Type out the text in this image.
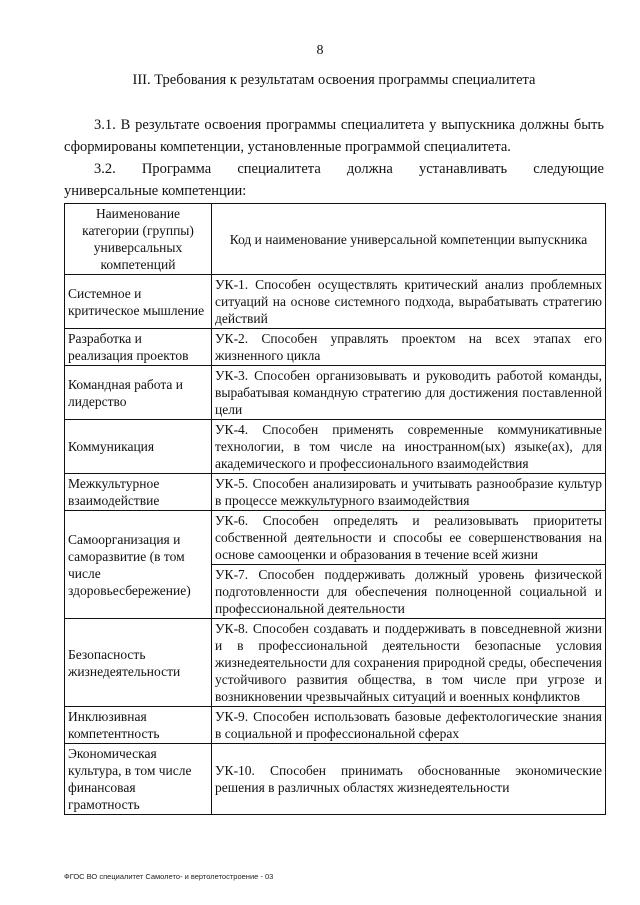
8
III. Требования к результатам освоения программы специалитета
3.1. В результате освоения программы специалитета у выпускника должны быть сформированы компетенции, установленные программой специалитета.
3.2. Программа специалитета должна устанавливать следующие
универсальные компетенции:
Наименование категории (группы) универсальных компетенций	Код и наименование универсальной компетенции выпускника
Системное и критическое мышление	УК-1. Способен осуществлять критический анализ проблемных ситуаций на основе системного подхода, вырабатывать стратегию действий
Разработка и реализация проектов	УК-2. Способен управлять проектом на всех этапах его жизненного цикла
Командная работа и лидерство	УК-3. Способен организовывать и руководить работой команды, вырабатывая командную стратегию для достижения поставленной цели
Коммуникация	УК-4. Способен применять современные коммуникативные технологии, в том числе на иностранном(ых) языке(ах), для академического и профессионального взаимодействия
Межкультурное взаимодействие	УК-5. Способен анализировать и учитывать разнообразие культур в процессе межкультурного взаимодействия
Самоорганизация и саморазвитие (в том числе здоровьесбережение)	УК-6. Способен определять и реализовывать приоритеты собственной деятельности и способы ее совершенствования на основе самооценки и образования в течение всей жизни
	УК-7. Способен поддерживать должный уровень физической подготовленности для обеспечения полноценной социальной и профессиональной деятельности
Безопасность жизнедеятельности	УК-8. Способен создавать и поддерживать в повседневной жизни и в профессиональной деятельности безопасные условия жизнедеятельности для сохранения природной среды, обеспечения устойчивого развития общества, в том числе при угрозе и возникновении чрезвычайных ситуаций и военных конфликтов
Инклюзивная компетентность	УК-9. Способен использовать базовые дефектологические знания в социальной и профессиональной сферах
Экономическая культура, в том числе финансовая грамотность	УК-10. Способен принимать обоснованные экономические решения в различных областях жизнедеятельности
ФГОС ВО специалитет Самолето- и вертолетостроение - 03
